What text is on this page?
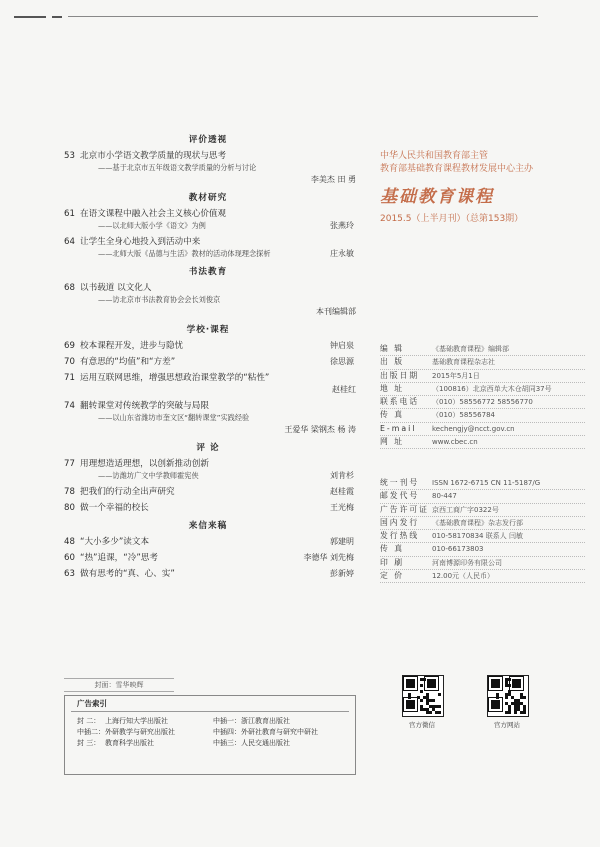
评价透视
53 北京市小学语文教学质量的现状与思考
——基于北京市五年级语文教学质量的分析与讨论
李美杰 田 勇
教材研究
61 在语文课程中融入社会主义核心价值观
——以北师大版小学《语文》为例	张燕玲
64 让学生全身心地投入到活动中来
——北师大版《品德与生活》教材的活动体现理念探析	庄永敏
书法教育
68 以书载道 以文化人
——访北京市书法教育协会会长刘俊京
本刊编辑部
学校·课程
69 校本课程开发，进步与隐忧	钟启泉
70 有意思的“均值”和“方差”	徐思源
71 运用互联网思维，增强思想政治课堂教学的“粘性”
赵桂红
74 翻转课堂对传统教学的突破与局限
——以山东省潍坊市奎文区“翻转课堂”实践经验
王爱华 梁钢杰 杨 涛
评 论
77 用理想造适理想，以创新推动创新
——访潍坊广文中学教师霍宪侠	刘肯杉
78 把我们的行动全出声研究	赵桂霞
80 做一个幸福的校长	王光梅
来信来稿
48 “大小多少”读文本	郭建明
60 “热”追课，“冷”思考	李德华 刘先梅
63 做有思考的“真、心、实”	彭新婷
封面：雪华映辉
广告索引
封 二： 上海行知大学出版社	中插一：浙江教育出版社
中插二：外研教学与研究出版社	中插四：外研社教育与研究中研社
封 三： 教育科学出版社	中插三：人民交通出版社
中华人民共和国教育部主管
教育部基础教育课程教材发展中心主办
基础教育课程
2015.5（上半月刊）（总第153期）
编 辑	《基础教育课程》编辑部
出 版	基础教育课程杂志社
出版日期	2015年5月1日
地 址	（100816）北京西单大木仓胡同37号
联系电话	（010）58556772 58556770
传 真	（010）58556784
E-mail	kechengjy@ncct.gov.cn
网 址	www.cbec.cn
统一刊号	ISSN 1672-6715 CN 11-5187/G
邮发代号	80-447
广告许可证 京西工商广字0322号
国内发行	《基础教育课程》杂志发行部
发行热线	010-58170834 联系人 闫敏
传 真	010-66173803
印 刷	河南博源印务有限公司
定 价	12.00元（人民币）
官方微信	官方网站
